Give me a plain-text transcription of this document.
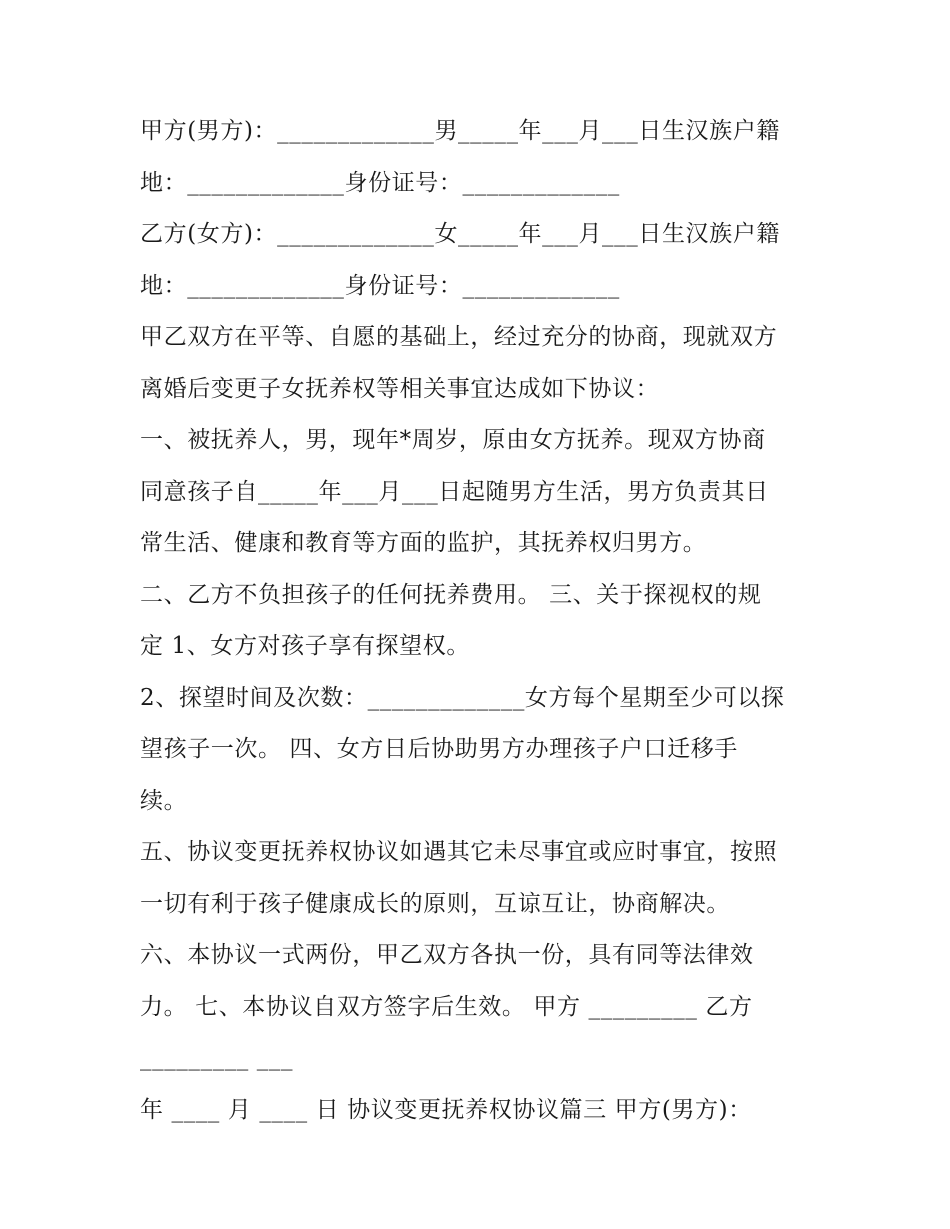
甲方(男方)：_____________男_____年___月___日生汉族户籍
地：_____________身份证号：_____________
乙方(女方)：_____________女_____年___月___日生汉族户籍
地：_____________身份证号：_____________
甲乙双方在平等、自愿的基础上，经过充分的协商，现就双方
离婚后变更子女抚养权等相关事宜达成如下协议：
一、被抚养人，男，现年*周岁，原由女方抚养。现双方协商
同意孩子自_____年___月___日起随男方生活，男方负责其日
常生活、健康和教育等方面的监护，其抚养权归男方。
二、乙方不负担孩子的任何抚养费用。 三、关于探视权的规
定 1、女方对孩子享有探望权。
2、探望时间及次数：_____________女方每个星期至少可以探
望孩子一次。 四、女方日后协助男方办理孩子户口迁移手
续。
五、协议变更抚养权协议如遇其它未尽事宜或应时事宜，按照
一切有利于孩子健康成长的原则，互谅互让，协商解决。
六、本协议一式两份，甲乙双方各执一份，具有同等法律效
力。 七、本协议自双方签字后生效。 甲方 _________ 乙方
_________ ___
年 ____ 月 ____ 日 协议变更抚养权协议篇三 甲方(男方)：
